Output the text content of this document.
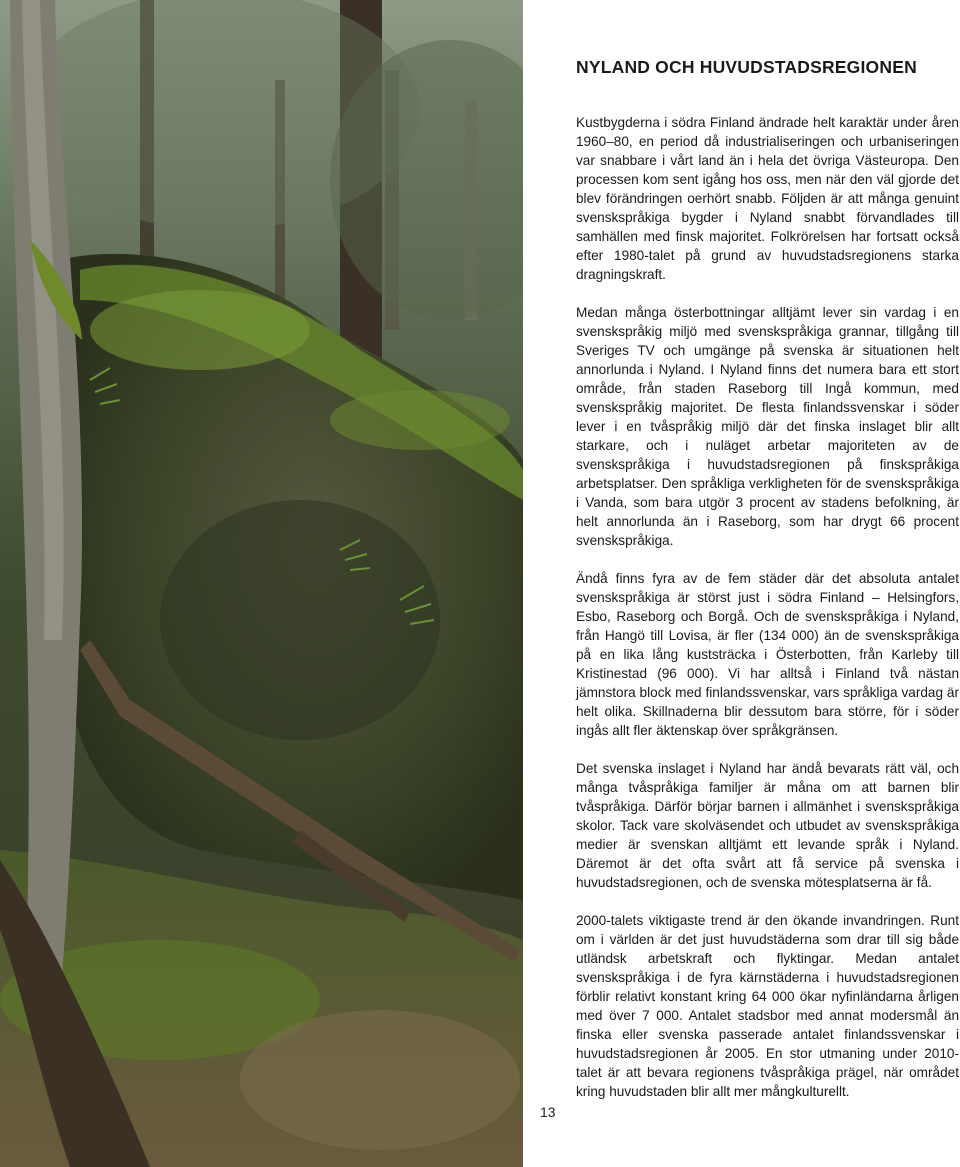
13
NYLAND OCH HUVUDSTADSREGIONEN

Kustbygderna i södra Finland ändrade helt karaktär under åren 1960–80, en period då industrialiseringen och urbaniseringen var snabbare i vårt land än i hela det övriga Västeuropa. Den processen kom sent igång hos oss, men när den väl gjorde det blev förändringen oerhört snabb. Följden är att många genuint svenskspråkiga bygder i Nyland snabbt förvandlades till samhällen med finsk majoritet. Folkrörelsen har fortsatt också efter 1980-talet på grund av huvudstadsregionens starka dragningskraft.

Medan många österbottningar alltjämt lever sin vardag i en svenskspråkig miljö med svenskspråkiga grannar, tillgång till Sveriges TV och umgänge på svenska är situationen helt annorlunda i Nyland. I Nyland finns det numera bara ett stort område, från staden Raseborg till Ingå kommun, med svenskspråkig majoritet. De flesta finlandssvenskar i söder lever i en tvåspråkig miljö där det finska inslaget blir allt starkare, och i nuläget arbetar majoriteten av de svenskspråkiga i huvudstadsregionen på finskspråkiga arbetsplatser. Den språkliga verkligheten för de svenskspråkiga i Vanda, som bara utgör 3 procent av stadens befolkning, är helt annorlunda än i Raseborg, som har drygt 66 procent svenskspråkiga.

Ändå finns fyra av de fem städer där det absoluta antalet svenskspråkiga är störst just i södra Finland – Helsingfors, Esbo, Raseborg och Borgå. Och de svenskspråkiga i Nyland, från Hangö till Lovisa, är fler (134 000) än de svenskspråkiga på en lika lång kuststräcka i Österbotten, från Karleby till Kristinestad (96 000). Vi har alltså i Finland två nästan jämnstora block med finlandssvenskar, vars språkliga vardag är helt olika. Skillnaderna blir dessutom bara större, för i söder ingås allt fler äktenskap över språkgränsen.

Det svenska inslaget i Nyland har ändå bevarats rätt väl, och många tvåspråkiga familjer är måna om att barnen blir tvåspråkiga. Därför börjar barnen i allmänhet i svenskspråkiga skolor. Tack vare skolväsendet och utbudet av svenskspråkiga medier är svenskan alltjämt ett levande språk i Nyland. Däremot är det ofta svårt att få service på svenska i huvudstadsregionen, och de svenska mötesplatserna är få.

2000-talets viktigaste trend är den ökande invandringen. Runt om i världen är det just huvudstäderna som drar till sig både utländsk arbetskraft och flyktingar. Medan antalet svenskspråkiga i de fyra kärnstäderna i huvudstadsregionen förblir relativt konstant kring 64 000 ökar nyfinländarna årligen med över 7 000. Antalet stadsbor med annat modersmål än finska eller svenska passerade antalet finlandssvenskar i huvudstadsregionen år 2005. En stor utmaning under 2010-talet är att bevara regionens tvåspråkiga prägel, när området kring huvudstaden blir allt mer mångkulturellt.
